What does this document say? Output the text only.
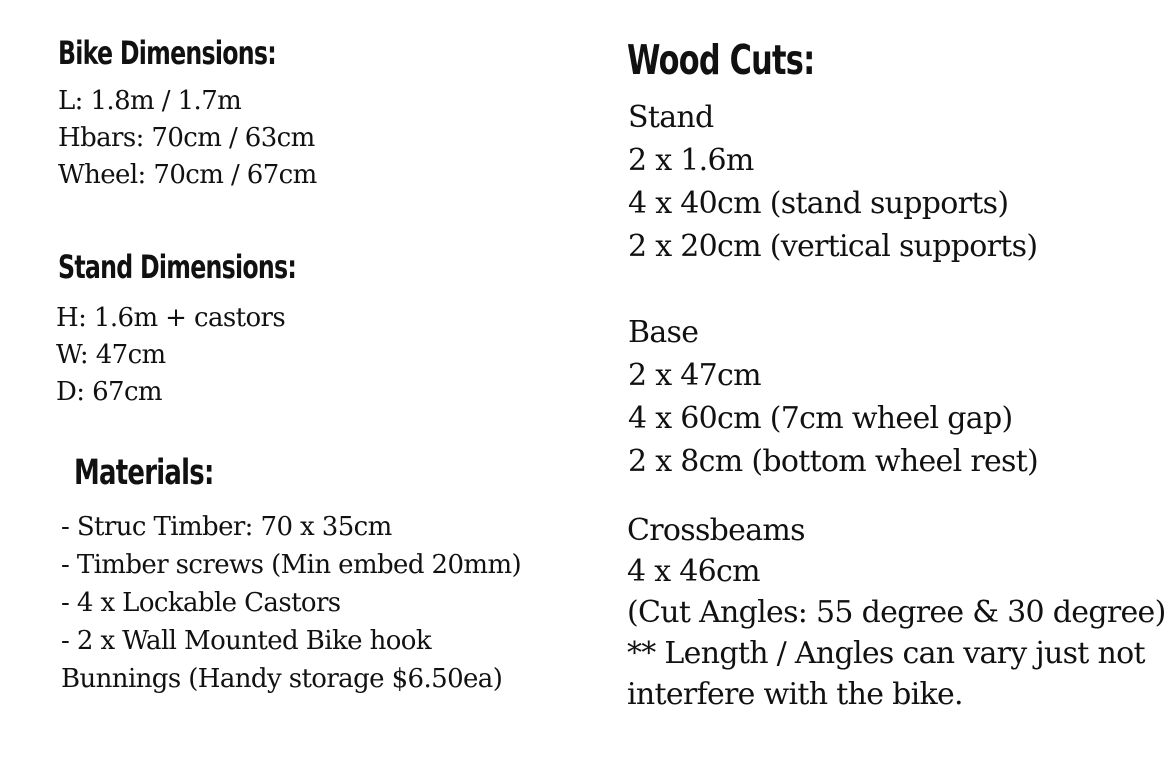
Bike Dimensions:
L: 1.8m / 1.7m
Hbars: 70cm / 63cm
Wheel: 70cm / 67cm
Stand Dimensions:
H: 1.6m + castors
W: 47cm
D: 67cm
Materials:
- Struc Timber: 70 x 35cm
- Timber screws (Min embed 20mm)
- 4 x Lockable Castors
- 2 x Wall Mounted Bike hook
Bunnings (Handy storage $6.50ea)
Wood Cuts:
Stand
2 x 1.6m
4 x 40cm (stand supports)
2 x 20cm (vertical supports)
Base
2 x 47cm
4 x 60cm (7cm wheel gap)
2 x 8cm (bottom wheel rest)
Crossbeams
4 x 46cm
(Cut Angles: 55 degree & 30 degree)
** Length / Angles can vary just not
interfere with the bike.
